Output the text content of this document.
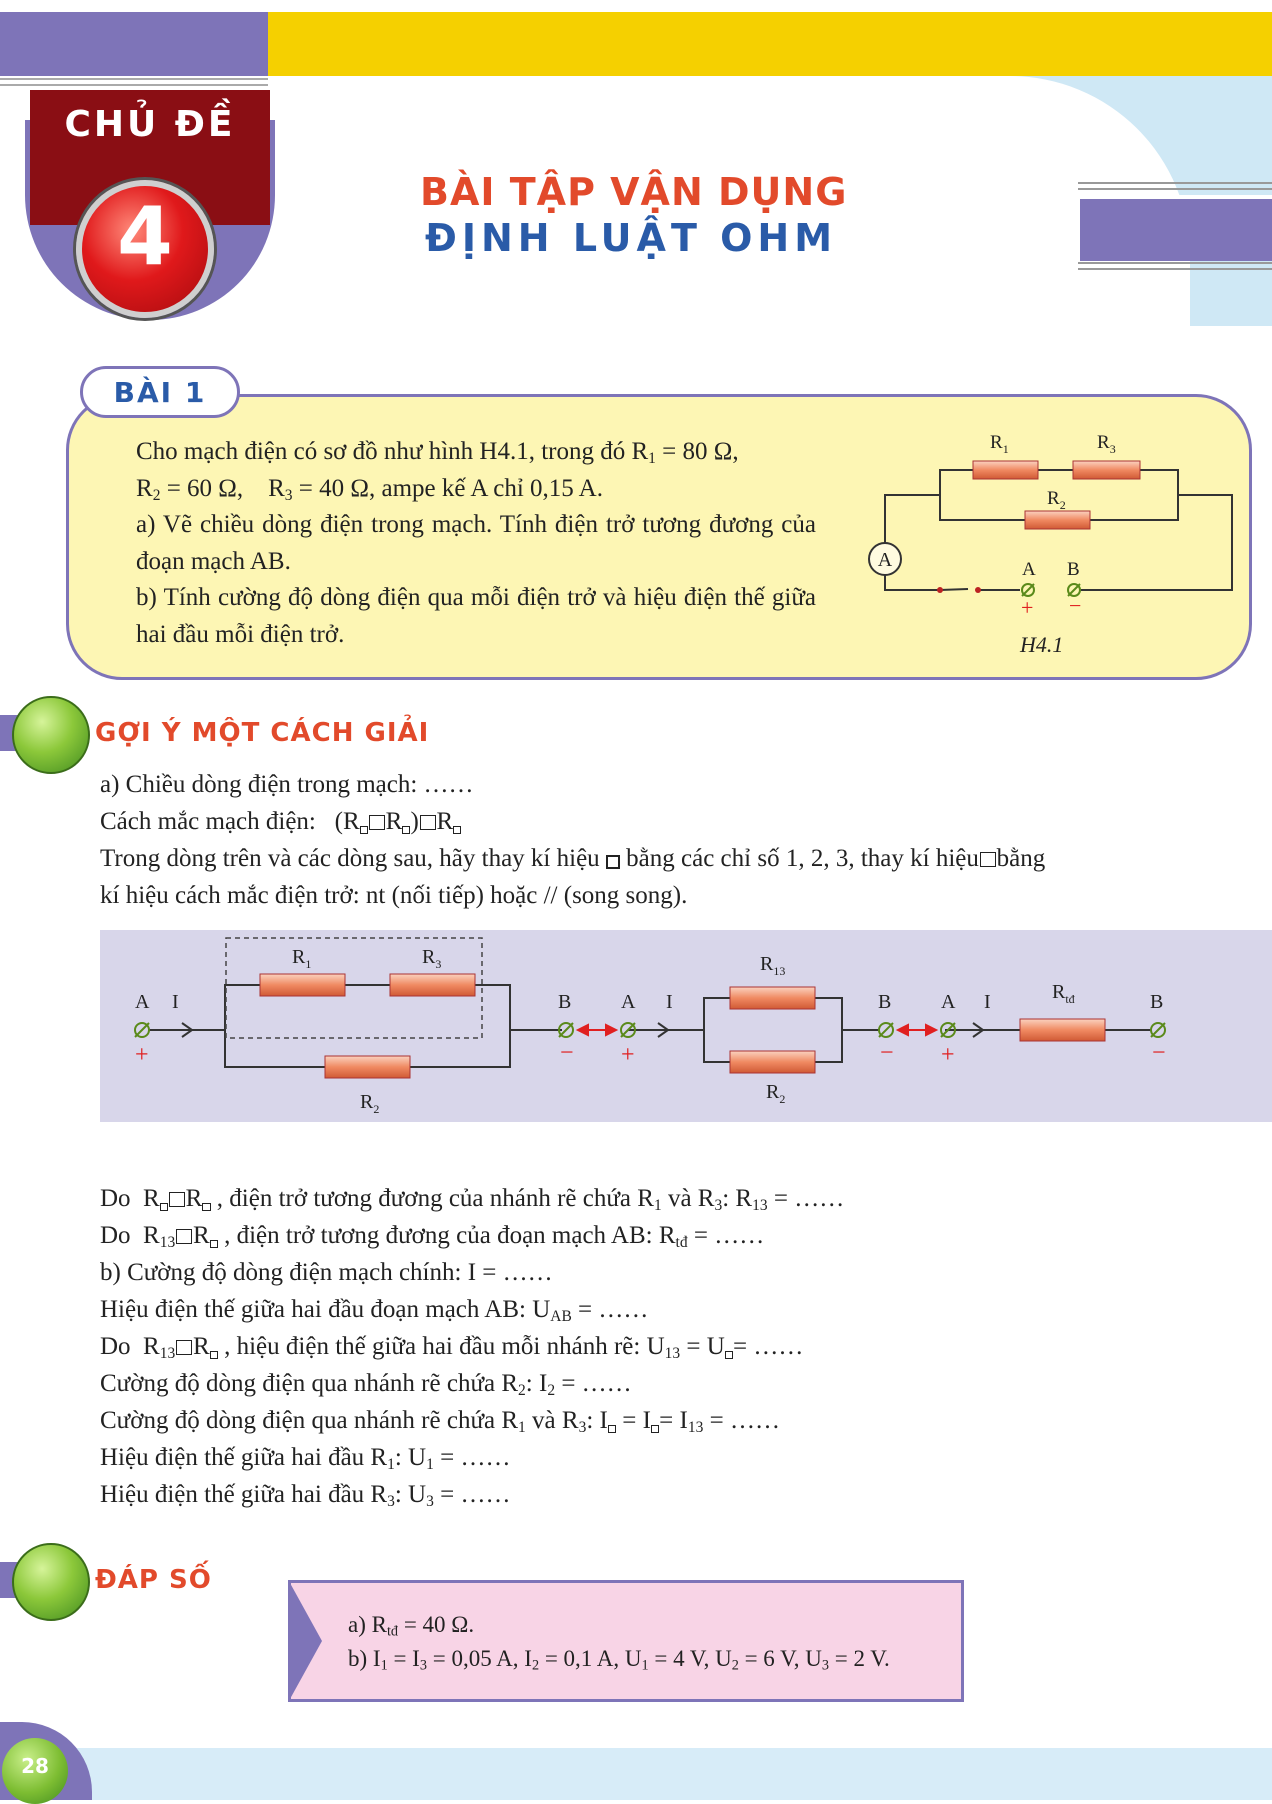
CHỦ ĐỀ
4	BÀI TẬP VẬN DỤNG
ĐỊNH LUẬT OHM
BÀI 1

Cho mạch điện có sơ đồ như hình H4.1, trong đó $R_1 = 80$ Ω,

$R_2 = 60$ Ω,    $R_3 = 40$ Ω, ampe kế A chỉ 0,15 A.

a) Vẽ chiều dòng điện trong mạch. Tính điện trở tương đương của đoạn mạch AB.

b) Tính cường độ dòng điện qua mỗi điện trở và hiệu điện thế giữa hai đầu mỗi điện trở.

A
$R_1$	$R_3$
$R_2$
A B
+ −
H4.1
GỢI Ý MỘT CÁCH GIẢI

a) Chiều dòng điện trong mạch: ……

Cách mắc mạch điện:   (R R ) R

Trong dòng trên và các dòng sau, hãy thay kí hiệu  bằng các chỉ số 1, 2, 3, thay kí hiệu bằng

kí hiệu cách mắc điện trở: nt (nối tiếp) hoặc // (song song).

$R_1$	$R_3$
$R_2$
$R_{13}$
$R_2$
$R_{tđ}$
A I	B A I	B A I	B
+	− +	− +	−

Do  R R , điện trở tương đương của nhánh rẽ chứa $R_1$ và $R_3$: $R_{13}$ = ……

Do  $R_{13}$ R , điện trở tương đương của đoạn mạch AB: $R_{tđ}$ = ……

b) Cường độ dòng điện mạch chính: I = ……

Hiệu điện thế giữa hai đầu đoạn mạch AB: $U_{AB}$ = ……

Do  $R_{13}$ R , hiệu điện thế giữa hai đầu mỗi nhánh rẽ: $U_{13} = U$ = ……

Cường độ dòng điện qua nhánh rẽ chứa $R_2$: $I_2$ = ……

Cường độ dòng điện qua nhánh rẽ chứa $R_1$ và $R_3$: $I = I = I_{13}$ = ……

Hiệu điện thế giữa hai đầu $R_1$: $U_1$ = ……

Hiệu điện thế giữa hai đầu $R_3$: $U_3$ = ……

ĐÁP SỐ

a) $R_{tđ} = 40$ Ω.

b) $I_1 = I_3 = 0,05$ A, $I_2 = 0,1$ A, $U_1 = 4$ V, $U_2 = 6$ V, $U_3 = 2$ V.

28
